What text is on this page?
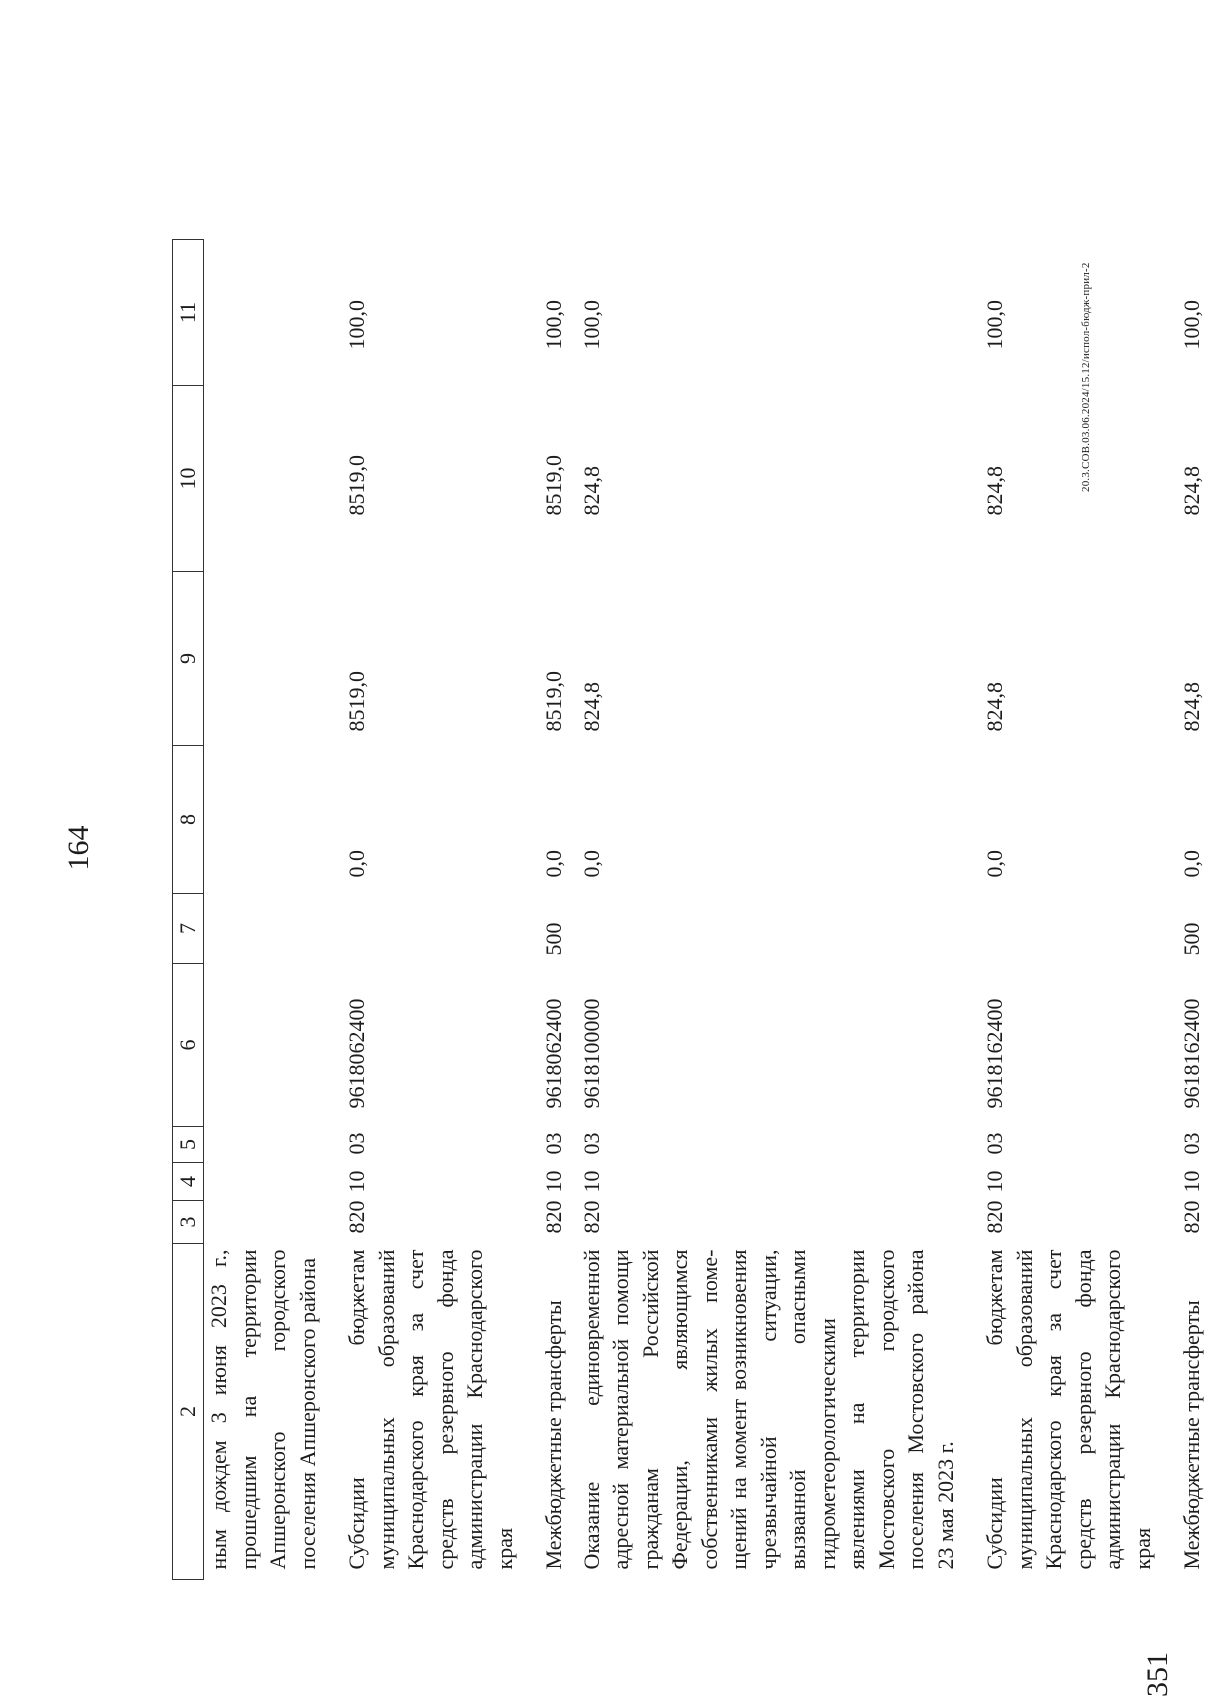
164
2	3	4	5	6	7	8	9	10	11
ным дождем 3 июня 2023 г., прошедшим на территории Апшеронского городского поселения Апшеронского района									

Субсидии бюджетам муниципальных образований Краснодарского края за счет средств резервного фонда администрации Краснодарского края	820	10	03	9618062400		0,0	8519,0	8519,0	100,0

Межбюджетные трансферты	820	10	03	9618062400	500	0,0	8519,0	8519,0	100,0

Оказание единовременной адресной материальной помощи гражданам Российской Федерации, являющимся собственниками жилых помещений на момент возникновения чрезвычайной ситуации, вызванной опасными гидрометеорологическими явлениями на территории Мостовского городского поселения Мостовского района 23 мая 2023 г.	820	10	03	9618100000		0,0	824,8	824,8	100,0

Субсидии бюджетам муниципальных образований Краснодарского края за счет средств резервного фонда администрации Краснодарского края	820	10	03	9618162400		0,0	824,8	824,8	100,0

Межбюджетные трансферты	820	10	03	9618162400	500	0,0	824,8	824,8	100,0
20.3.СОВ.03.06.2024/15.12/испол-бюдж-прил-2
351
